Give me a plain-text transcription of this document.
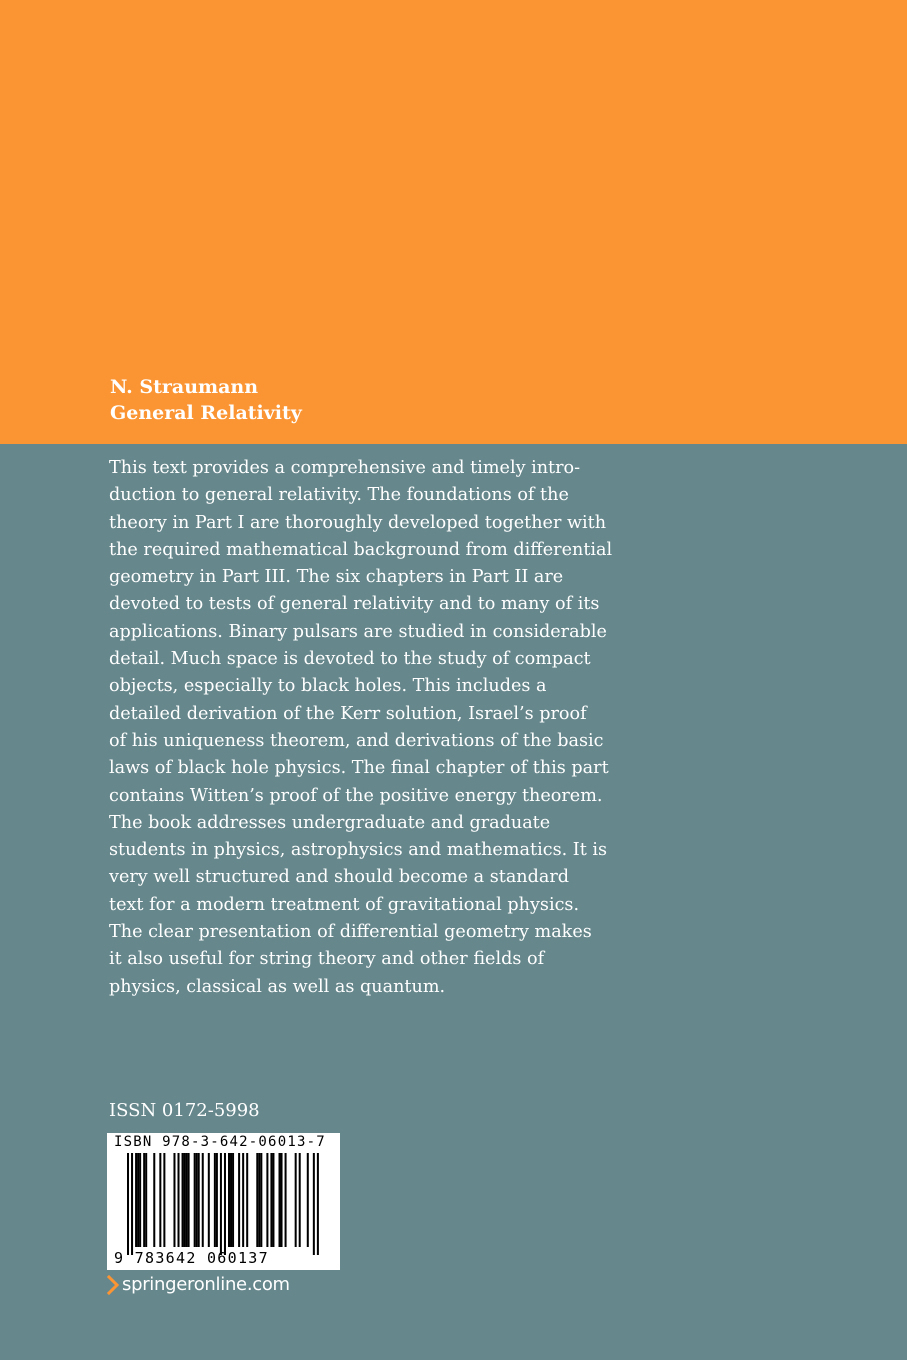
N. Straumann

General Relativity

This text provides a comprehensive and timely intro-
duction to general relativity. The foundations of the
theory in Part I are thoroughly developed together with
the required mathematical background from differential
geometry in Part III. The six chapters in Part II are
devoted to tests of general relativity and to many of its
applications. Binary pulsars are studied in considerable
detail. Much space is devoted to the study of compact
objects, especially to black holes. This includes a
detailed derivation of the Kerr solution, Israel’s proof
of his uniqueness theorem, and derivations of the basic
laws of black hole physics. The final chapter of this part
contains Witten’s proof of the positive energy theorem.
The book addresses undergraduate and graduate
students in physics, astrophysics and mathematics. It is
very well structured and should become a standard
text for a modern treatment of gravitational physics.
The clear presentation of differential geometry makes
it also useful for string theory and other fields of
physics, classical as well as quantum.

ISSN 0172-5998

ISBN 978-3-642-06013-7
9 783642 060137
springeronline.com
